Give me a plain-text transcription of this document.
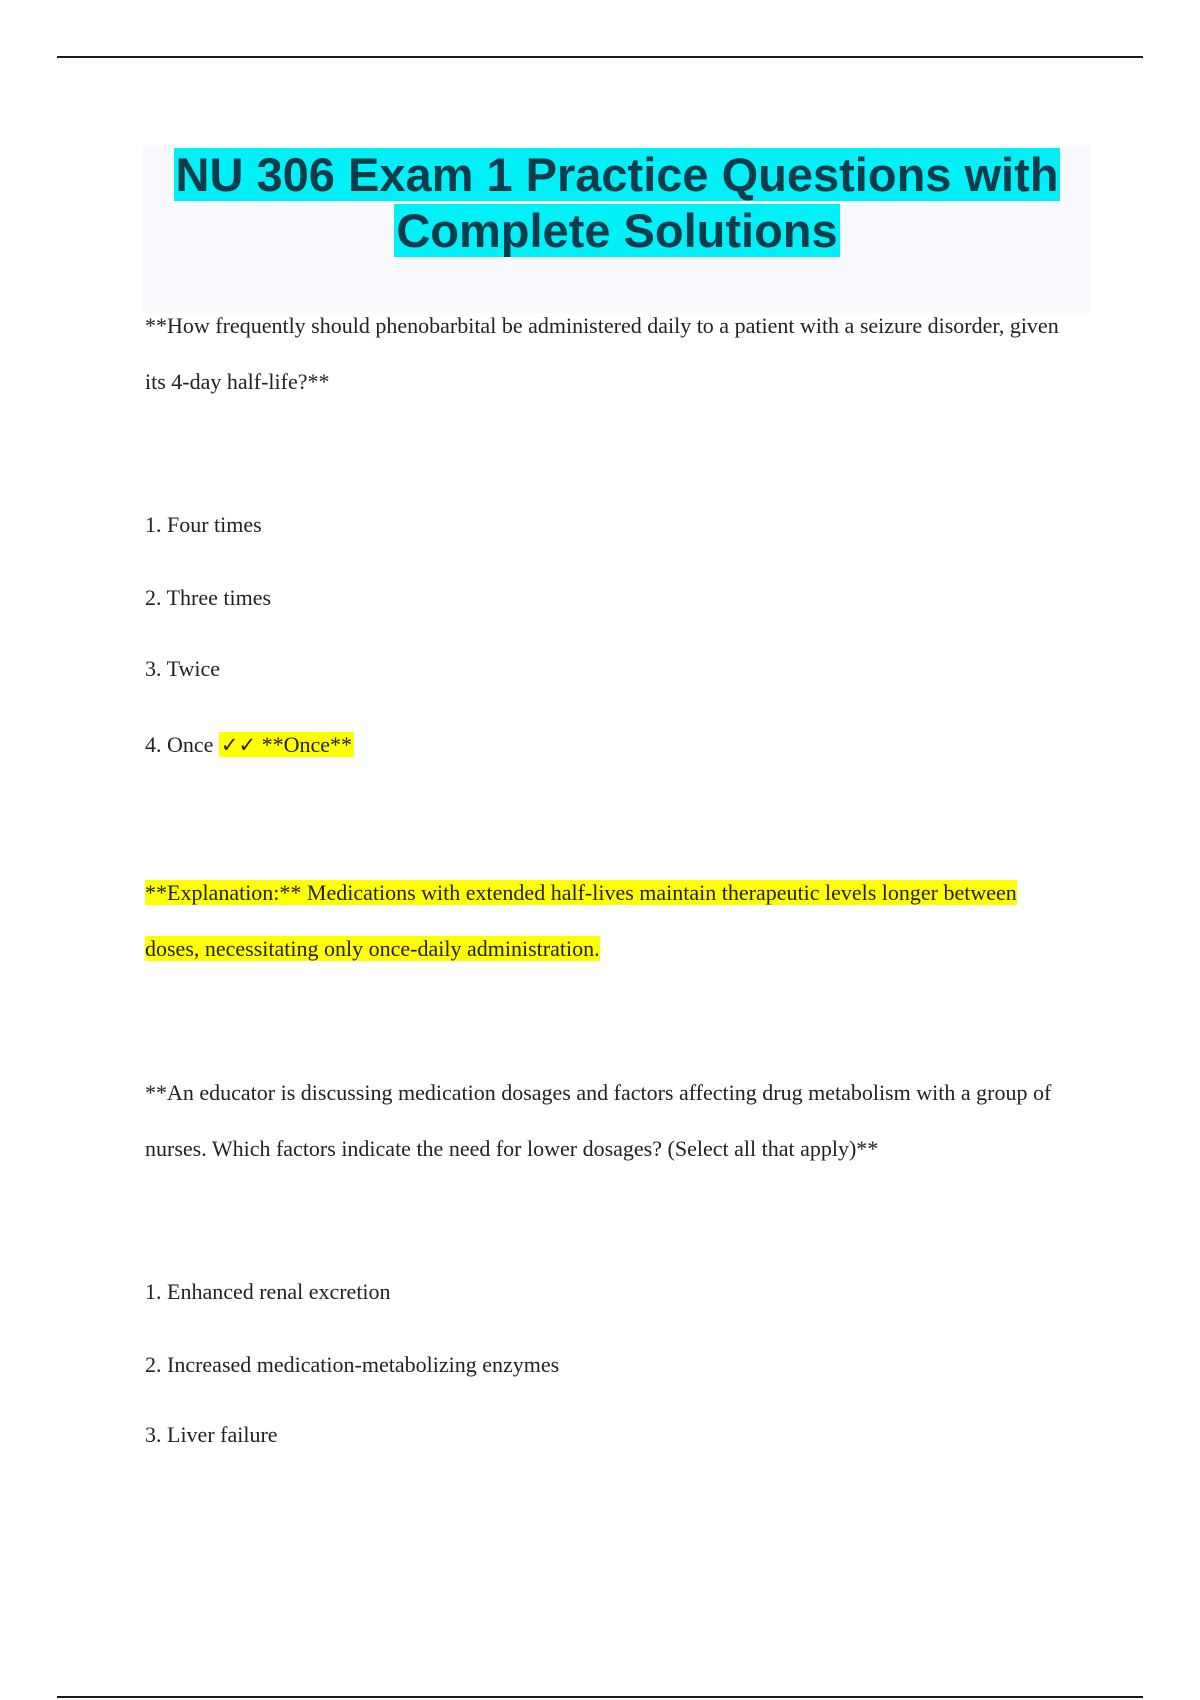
NU 306 Exam 1 Practice Questions with
Complete Solutions

**How frequently should phenobarbital be administered daily to a patient with a seizure disorder, given its 4-day half-life?**

1. Four times

2. Three times

3. Twice

4. Once ✓✓ **Once**

**Explanation:** Medications with extended half-lives maintain therapeutic levels longer between doses, necessitating only once-daily administration.

**An educator is discussing medication dosages and factors affecting drug metabolism with a group of nurses. Which factors indicate the need for lower dosages? (Select all that apply)**

1. Enhanced renal excretion

2. Increased medication-metabolizing enzymes

3. Liver failure
